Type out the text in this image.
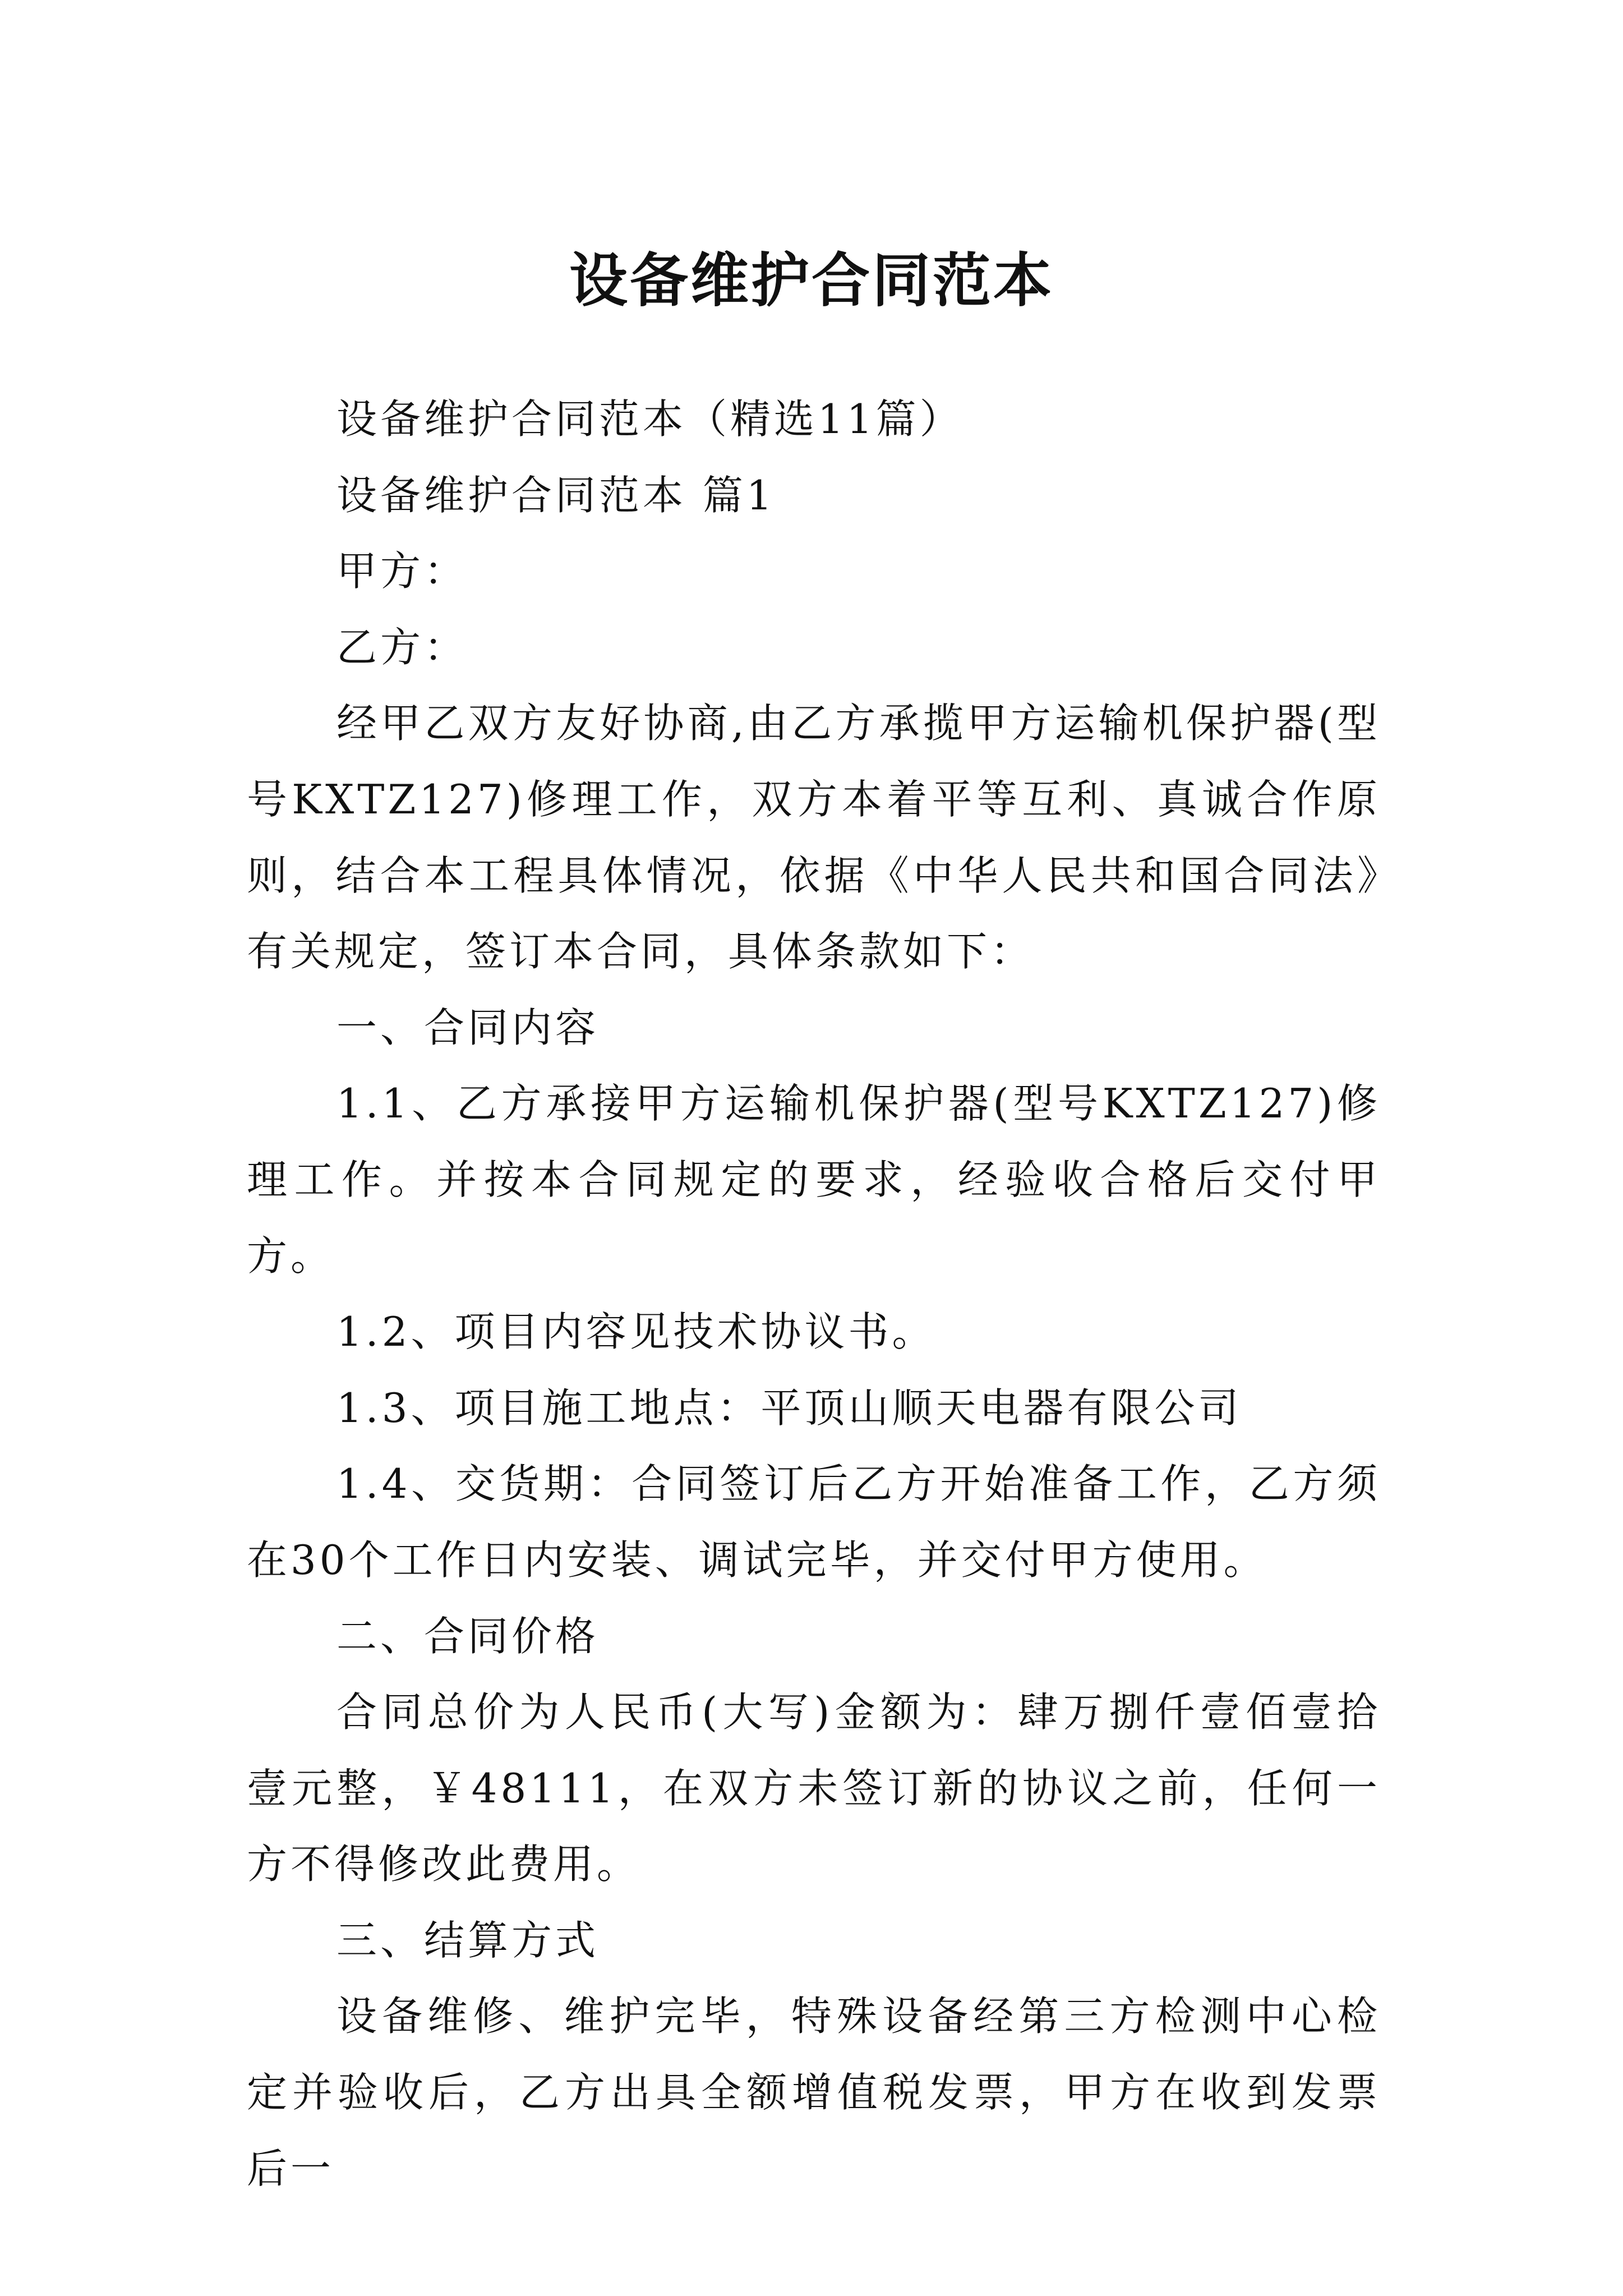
设备维护合同范本

设备维护合同范本（精选11篇）

设备维护合同范本 篇1

甲方：

乙方：

经甲乙双方友好协商,由乙方承揽甲方运输机保护器(型号KXTZ127)修理工作，双方本着平等互利、真诚合作原则，结合本工程具体情况，依据《中华人民共和国合同法》有关规定，签订本合同，具体条款如下：

一、合同内容

1.1、乙方承接甲方运输机保护器(型号KXTZ127)修理工作。并按本合同规定的要求，经验收合格后交付甲方。

1.2、项目内容见技术协议书。

1.3、项目施工地点：平顶山顺天电器有限公司

1.4、交货期：合同签订后乙方开始准备工作，乙方须在30个工作日内安装、调试完毕，并交付甲方使用。

二、合同价格

合同总价为人民币(大写)金额为：肆万捌仟壹佰壹拾壹元整，￥48111，在双方未签订新的协议之前，任何一方不得修改此费用。

三、结算方式

设备维修、维护完毕，特殊设备经第三方检测中心检定并验收后，乙方出具全额增值税发票，甲方在收到发票后一
